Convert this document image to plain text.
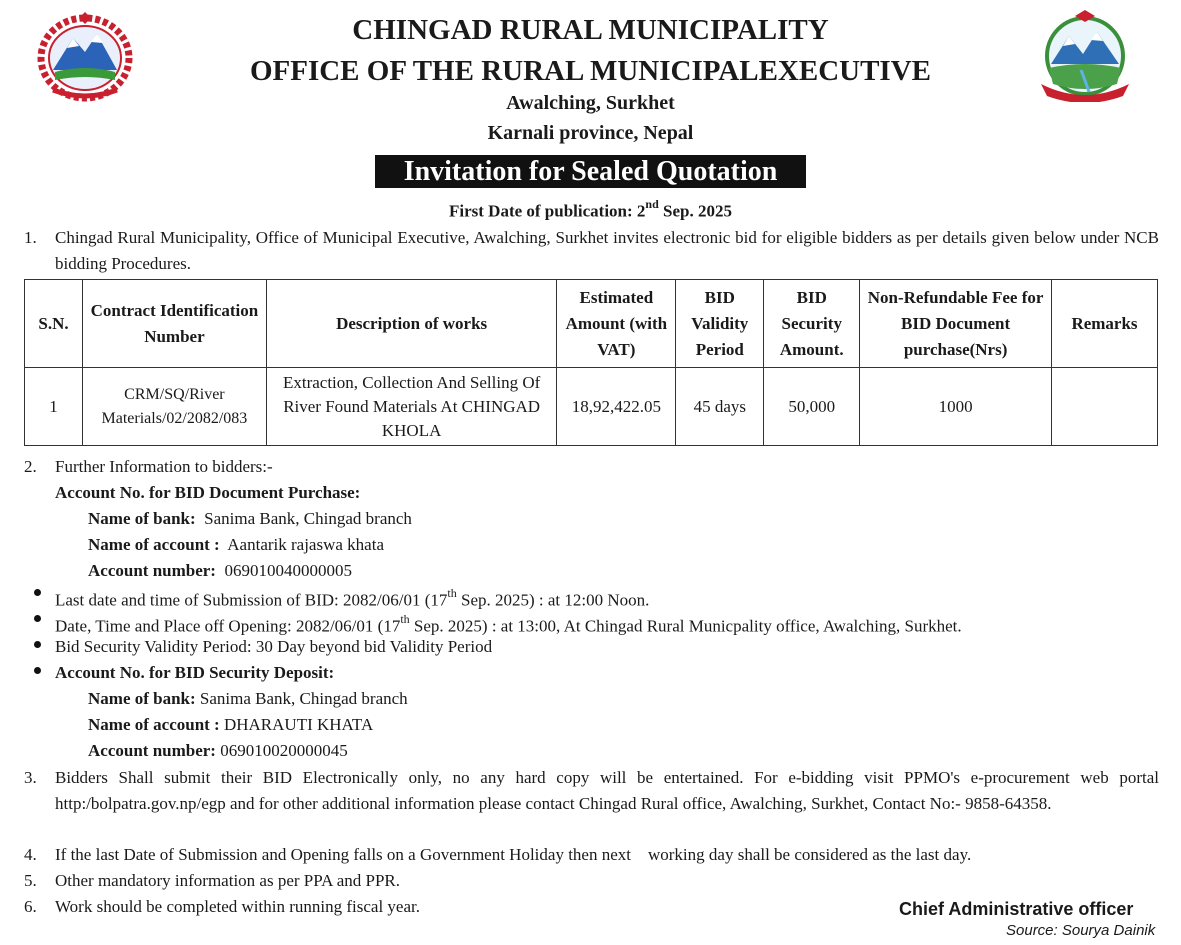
CHINGAD RURAL MUNICIPALITY
OFFICE OF THE RURAL MUNICIPALEXECUTIVE
Awalching, Surkhet
Karnali province, Nepal
Invitation for Sealed Quotation
First Date of publication: 2nd Sep. 2025
1. Chingad Rural Municipality, Office of Municipal Executive, Awalching, Surkhet invites electronic bid for eligible bidders as per details given below under NCB bidding Procedures.
S.N.	Contract Identification Number	Description of works	Estimated Amount (with VAT)	BID Validity Period	BID Security Amount.	Non-Refundable Fee for BID Document purchase(Nrs)	Remarks
1	CRM/SQ/River Materials/02/2082/083	Extraction, Collection And Selling Of River Found Materials At CHINGAD KHOLA	18,92,422.05	45 days	50,000	1000	
2. Further Information to bidders:-
Account No. for BID Document Purchase:
Name of bank: Sanima Bank, Chingad branch
Name of account : Aantarik rajaswa khata
Account number: 069010040000005
Last date and time of Submission of BID: 2082/06/01 (17th Sep. 2025) : at 12:00 Noon.
Date, Time and Place off Opening: 2082/06/01 (17th Sep. 2025) : at 13:00, At Chingad Rural Municpality office, Awalching, Surkhet.
Bid Security Validity Period: 30 Day beyond bid Validity Period
Account No. for BID Security Deposit:
Name of bank: Sanima Bank, Chingad branch
Name of account : DHARAUTI KHATA
Account number: 069010020000045
3. Bidders Shall submit their BID Electronically only, no any hard copy will be entertained. For e-bidding visit PPMO's e-procurement web portal http:/bolpatra.gov.np/egp and for other additional information please contact Chingad Rural office, Awalching, Surkhet, Contact No:- 9858-64358.
4. If the last Date of Submission and Opening falls on a Government Holiday then next    working day shall be considered as the last day.
5. Other mandatory information as per PPA and PPR.
6. Work should be completed within running fiscal year.	Chief Administrative officer
Source: Sourya Dainik
